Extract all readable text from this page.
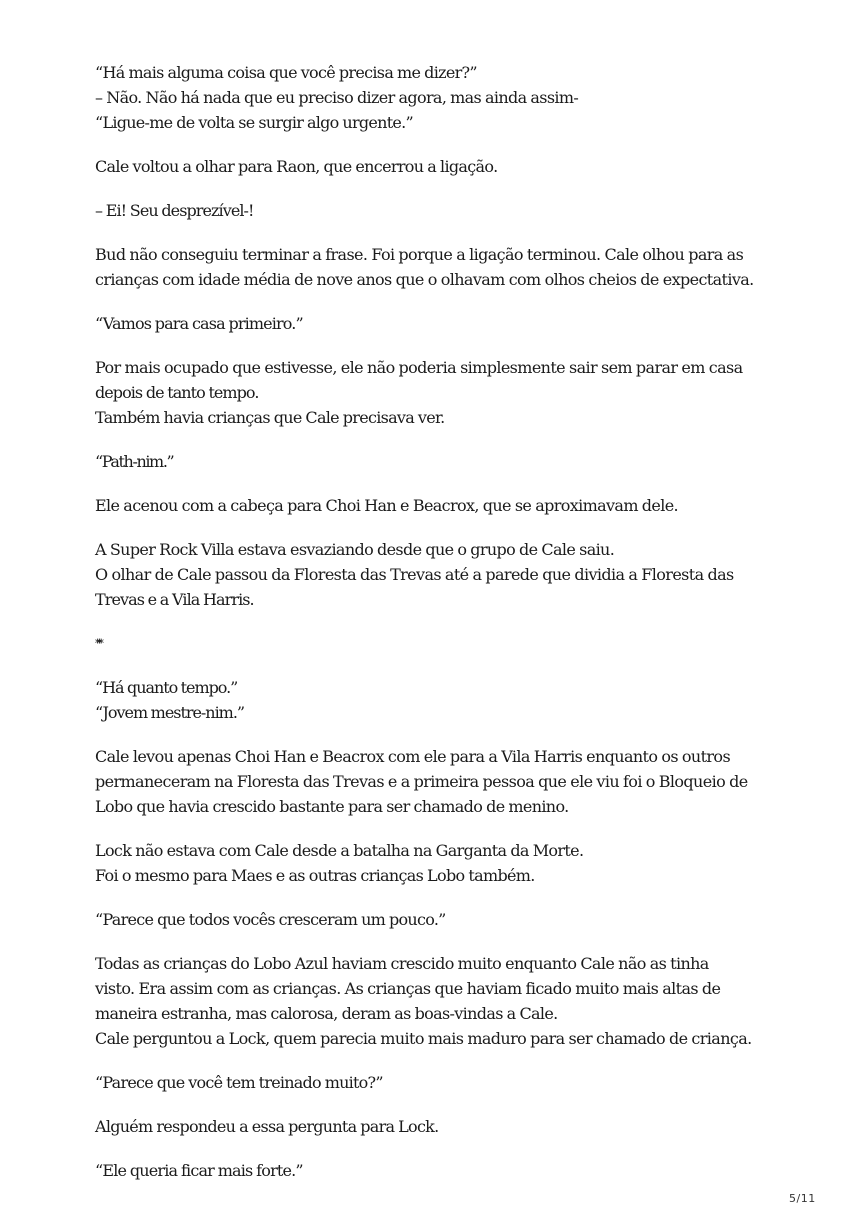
“Há mais alguma coisa que você precisa me dizer?”
– Não. Não há nada que eu preciso dizer agora, mas ainda assim-
“Ligue-me de volta se surgir algo urgente.”

Cale voltou a olhar para Raon, que encerrou a ligação.

– Ei! Seu desprezível-!

Bud não conseguiu terminar a frase. Foi porque a ligação terminou. Cale olhou para as
crianças com idade média de nove anos que o olhavam com olhos cheios de expectativa.

“Vamos para casa primeiro.”

Por mais ocupado que estivesse, ele não poderia simplesmente sair sem parar em casa
depois de tanto tempo.
Também havia crianças que Cale precisava ver.

“Path-nim.”

Ele acenou com a cabeça para Choi Han e Beacrox, que se aproximavam dele.

A Super Rock Villa estava esvaziando desde que o grupo de Cale saiu.
O olhar de Cale passou da Floresta das Trevas até a parede que dividia a Floresta das
Trevas e a Vila Harris.

***

“Há quanto tempo.”
“Jovem mestre-nim.”

Cale levou apenas Choi Han e Beacrox com ele para a Vila Harris enquanto os outros
permaneceram na Floresta das Trevas e a primeira pessoa que ele viu foi o Bloqueio de
Lobo que havia crescido bastante para ser chamado de menino.

Lock não estava com Cale desde a batalha na Garganta da Morte.
Foi o mesmo para Maes e as outras crianças Lobo também.

“Parece que todos vocês cresceram um pouco.”

Todas as crianças do Lobo Azul haviam crescido muito enquanto Cale não as tinha
visto. Era assim com as crianças. As crianças que haviam ficado muito mais altas de
maneira estranha, mas calorosa, deram as boas-vindas a Cale.
Cale perguntou a Lock, quem parecia muito mais maduro para ser chamado de criança.

“Parece que você tem treinado muito?”

Alguém respondeu a essa pergunta para Lock.

“Ele queria ficar mais forte.”

5/11
